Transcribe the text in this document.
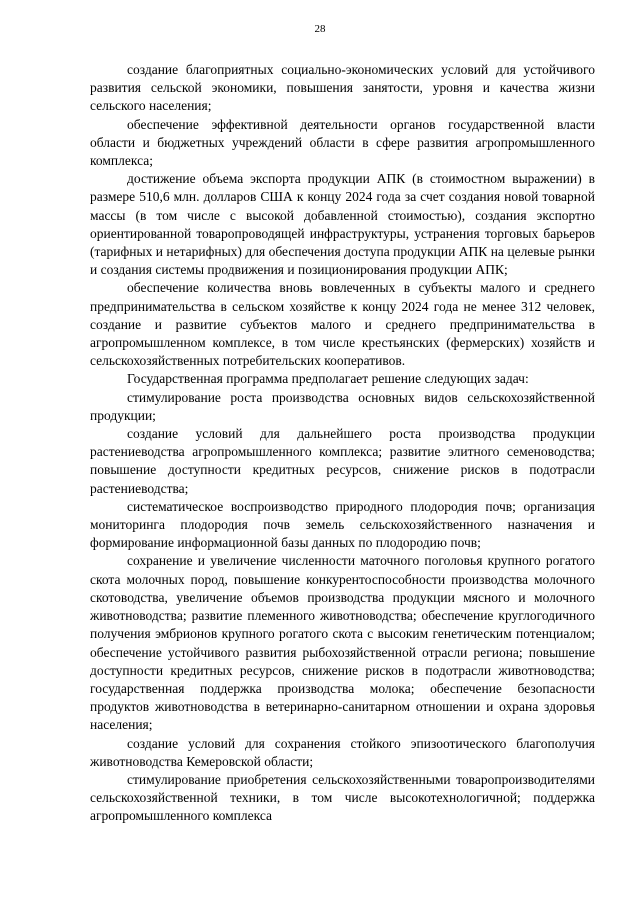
28

создание благоприятных социально-экономических условий для устойчивого развития сельской экономики, повышения занятости, уровня и качества жизни сельского населения;

обеспечение эффективной деятельности органов государственной власти области и бюджетных учреждений области в сфере развития агропромышленного комплекса;

достижение объема экспорта продукции АПК (в стоимостном выражении) в размере 510,6 млн. долларов США к концу 2024 года за счет создания новой товарной массы (в том числе с высокой добавленной стоимостью), создания экспортно ориентированной товаропроводящей инфраструктуры, устранения торговых барьеров (тарифных и нетарифных) для обеспечения доступа продукции АПК на целевые рынки и создания системы продвижения и позиционирования продукции АПК;

обеспечение количества вновь вовлеченных в субъекты малого и среднего предпринимательства в сельском хозяйстве к концу 2024 года не менее 312 человек, создание и развитие субъектов малого и среднего предпринимательства в агропромышленном комплексе, в том числе крестьянских (фермерских) хозяйств и сельскохозяйственных потребительских кооперативов.

Государственная программа предполагает решение следующих задач:

стимулирование роста производства основных видов сельскохозяйственной продукции;

создание условий для дальнейшего роста производства продукции растениеводства агропромышленного комплекса; развитие элитного семеноводства; повышение доступности кредитных ресурсов, снижение рисков в подотрасли растениеводства;

систематическое воспроизводство природного плодородия почв; организация мониторинга плодородия почв земель сельскохозяйственного назначения и формирование информационной базы данных по плодородию почв;

сохранение и увеличение численности маточного поголовья крупного рогатого скота молочных пород, повышение конкурентоспособности производства молочного скотоводства, увеличение объемов производства продукции мясного и молочного животноводства; развитие племенного животноводства; обеспечение круглогодичного получения эмбрионов крупного рогатого скота с высоким генетическим потенциалом; обеспечение устойчивого развития рыбохозяйственной отрасли региона; повышение доступности кредитных ресурсов, снижение рисков в подотрасли животноводства; государственная поддержка производства молока; обеспечение безопасности продуктов животноводства в ветеринарно-санитарном отношении и охрана здоровья населения;

создание условий для сохранения стойкого эпизоотического благополучия животноводства Кемеровской области;

стимулирование приобретения сельскохозяйственными товаропроизводителями сельскохозяйственной техники, в том числе высокотехнологичной; поддержка агропромышленного комплекса
